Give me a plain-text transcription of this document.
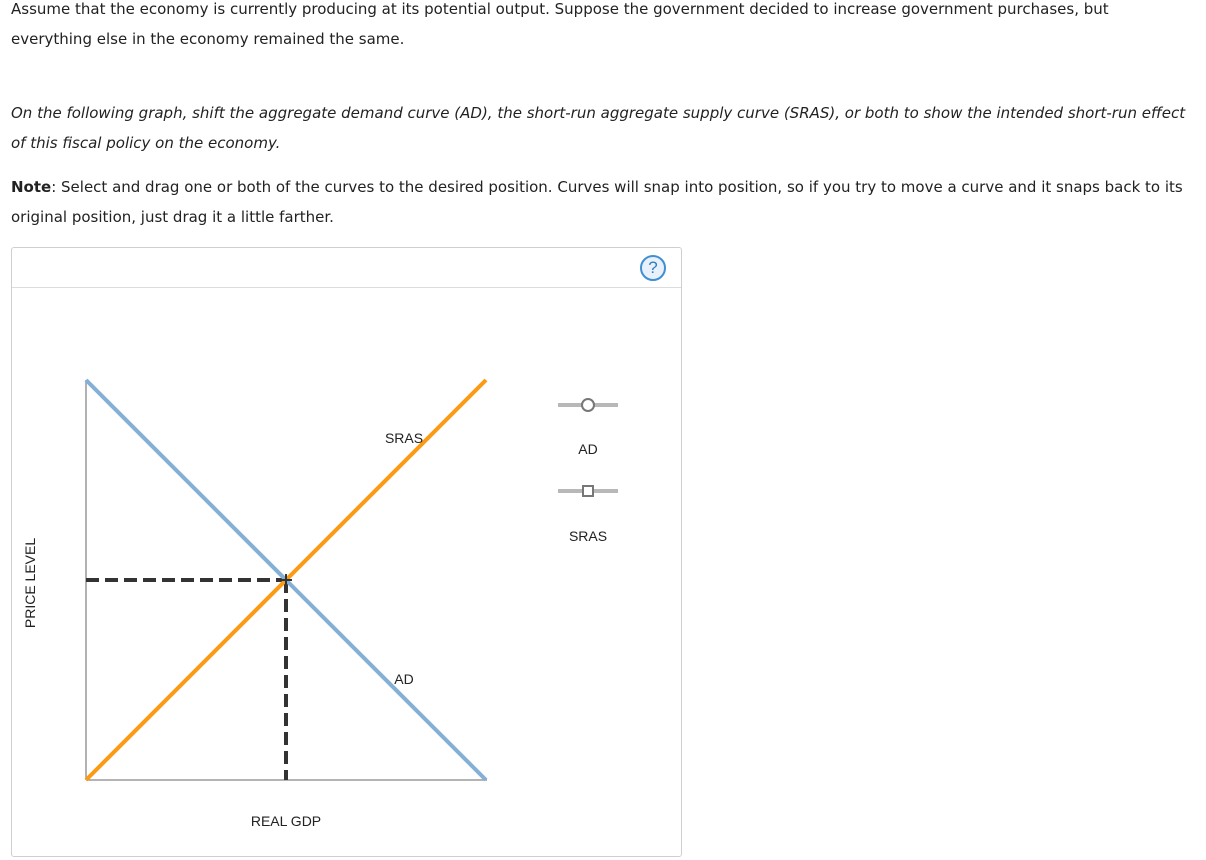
Assume that the economy is currently producing at its potential output. Suppose the government decided to increase government purchases, but everything else in the economy remained the same.

On the following graph, shift the aggregate demand curve (AD), the short-run aggregate supply curve (SRAS), or both to show the intended short-run effect of this fiscal policy on the economy.

Note: Select and drag one or both of the curves to the desired position. Curves will snap into position, so if you try to move a curve and it snaps back to its original position, just drag it a little farther.

?
SRAS
AD
PRICE LEVEL
REAL GDP
AD
SRAS
